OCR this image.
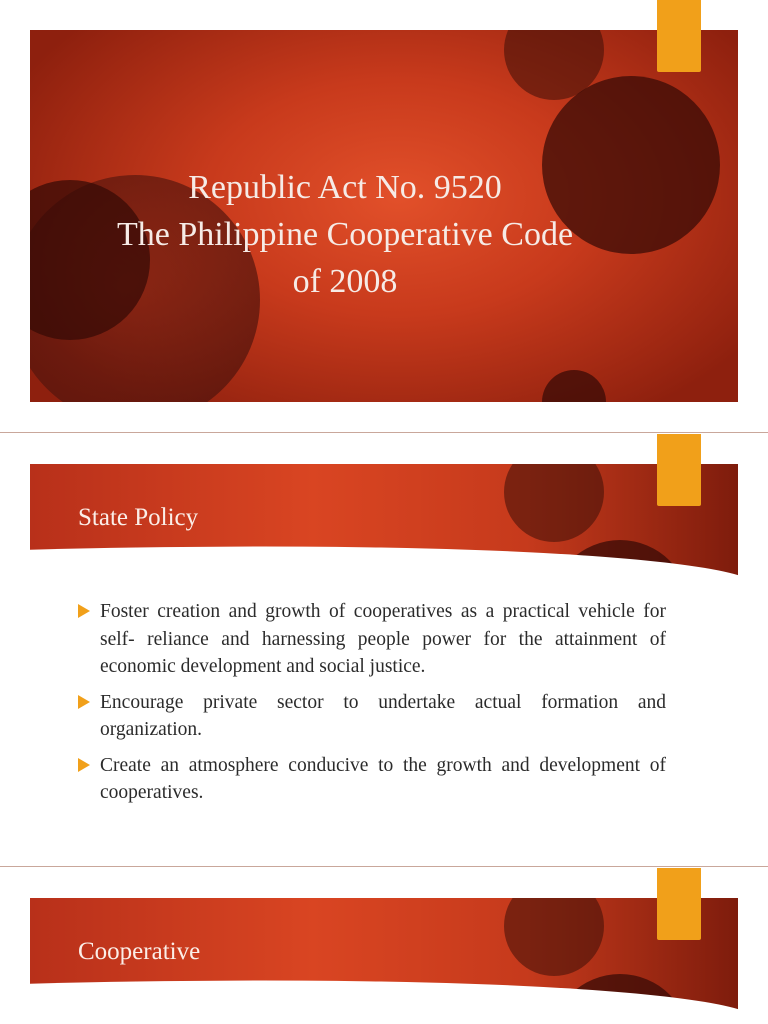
Republic Act No. 9520
The Philippine Cooperative Code
of 2008
State Policy
Foster creation and growth of cooperatives as a practical vehicle for self- reliance and harnessing people power for the attainment of economic development and social justice.
Encourage private sector to undertake actual formation and organization.
Create an atmosphere conducive to the growth and development of cooperatives.
Cooperative
